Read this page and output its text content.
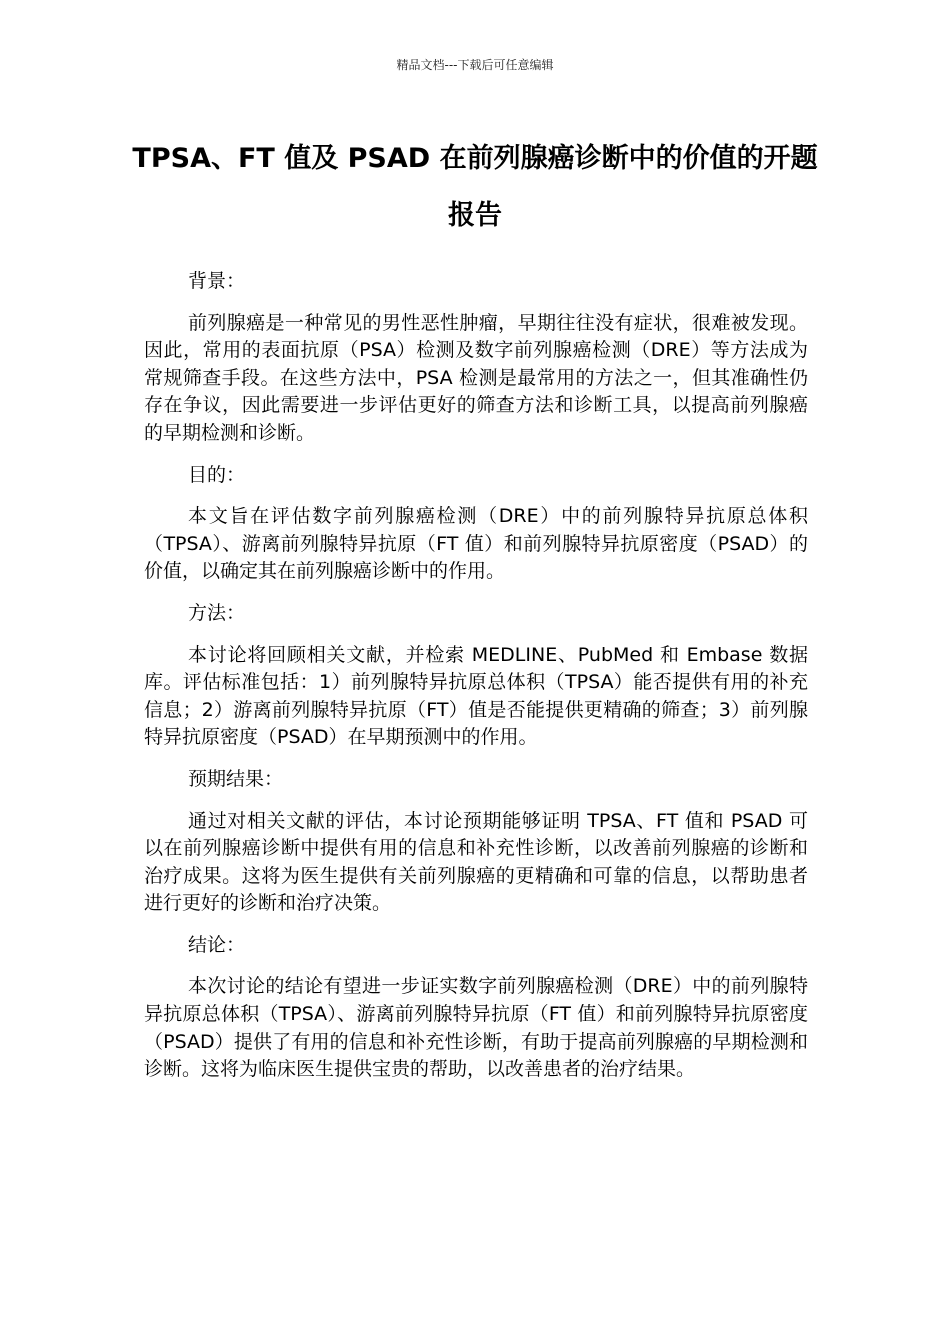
精品文档---下载后可任意编辑
TPSA、FT 值及 PSAD 在前列腺癌诊断中的价值的开题报告

背景：

前列腺癌是一种常见的男性恶性肿瘤，早期往往没有症状，很难被发现。因此，常用的表面抗原（PSA）检测及数字前列腺癌检测（DRE）等方法成为常规筛查手段。在这些方法中，PSA 检测是最常用的方法之一，但其准确性仍存在争议，因此需要进一步评估更好的筛查方法和诊断工具，以提高前列腺癌的早期检测和诊断。

目的：

本文旨在评估数字前列腺癌检测（DRE）中的前列腺特异抗原总体积（TPSA）、游离前列腺特异抗原（FT 值）和前列腺特异抗原密度（PSAD）的价值，以确定其在前列腺癌诊断中的作用。

方法：

本讨论将回顾相关文献，并检索 MEDLINE、PubMed 和 Embase 数据库。评估标准包括：1）前列腺特异抗原总体积（TPSA）能否提供有用的补充信息；2）游离前列腺特异抗原（FT）值是否能提供更精确的筛查；3）前列腺特异抗原密度（PSAD）在早期预测中的作用。

预期结果：

通过对相关文献的评估，本讨论预期能够证明 TPSA、FT 值和 PSAD 可以在前列腺癌诊断中提供有用的信息和补充性诊断，以改善前列腺癌的诊断和治疗成果。这将为医生提供有关前列腺癌的更精确和可靠的信息，以帮助患者进行更好的诊断和治疗决策。

结论：

本次讨论的结论有望进一步证实数字前列腺癌检测（DRE）中的前列腺特异抗原总体积（TPSA）、游离前列腺特异抗原（FT 值）和前列腺特异抗原密度（PSAD）提供了有用的信息和补充性诊断，有助于提高前列腺癌的早期检测和诊断。这将为临床医生提供宝贵的帮助，以改善患者的治疗结果。
